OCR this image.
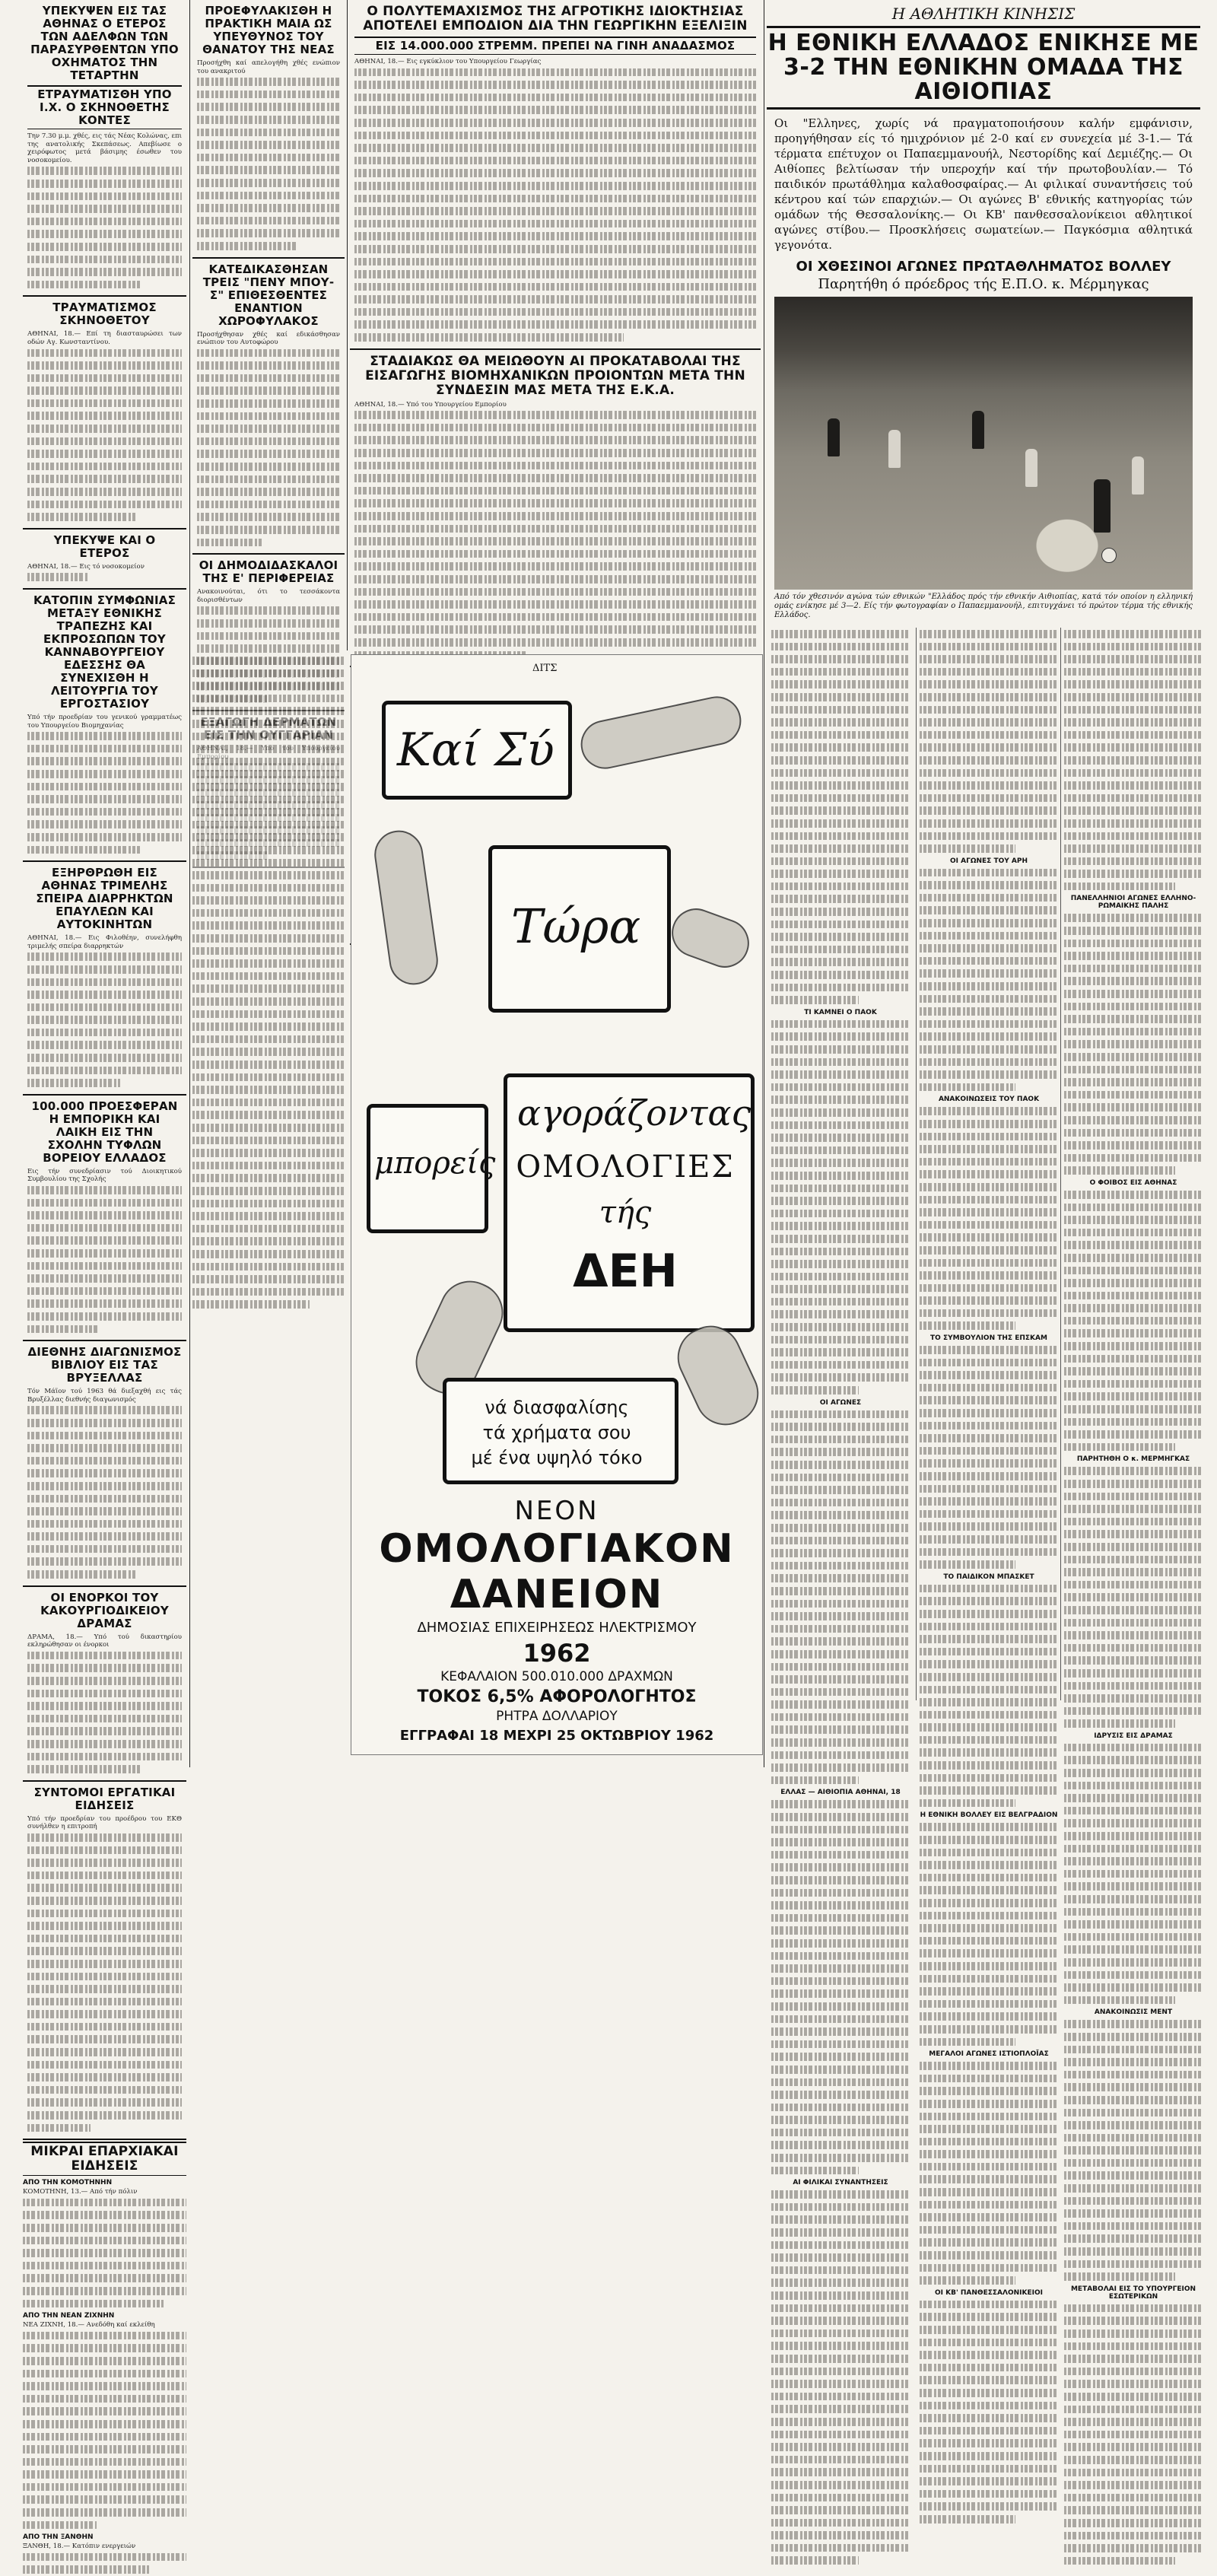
ΥΠΕΚΥΨΕΝ ΕΙΣ ΤΑΣ ΑΘΗΝΑΣ Ο ΕΤΕΡΟΣ ΤΩΝ ΑΔΕΛΦΩΝ ΤΩΝ ΠΑΡΑΣΥΡΘΕΝΤΩΝ ΥΠΟ ΟΧΗΜΑΤΟΣ ΤΗΝ ΤΕΤΑΡΤΗΝ
ΕΤΡΑΥΜΑΤΙΣΘΗ ΥΠΟ Ι.Χ. Ο ΣΚΗΝΟΘΕΤΗΣ ΚΟΝΤΕΣ
Την 7.30 μ.μ. χθές, εις τάς Νέας Κολώνας, επι της ανατολικής Σκεπάσεως. Απεβίωσε ο χειρόφωτος μετά βάσιμης έσωθεν του νοσοκομείου.
ΤΡΑΥΜΑΤΙΣΜΟΣ ΣΚΗΝΟΘΕΤΟΥ
ΑΘΗΝΑΙ, 18.— Επί τη διασταυρώσει των οδών Αγ. Κωνσταντίνου.
ΥΠΕΚΥΨΕ ΚΑΙ Ο ΕΤΕΡΟΣ
ΑΘΗΝΑΙ, 18.— Εις τό νοσοκομείον
ΚΑΤΟΠΙΝ ΣΥΜΦΩΝΙΑΣ ΜΕΤΑΞΥ ΕΘΝΙΚΗΣ ΤΡΑΠΕΖΗΣ ΚΑΙ ΕΚΠΡΟΣΩΠΩΝ ΤΟΥ ΚΑΝΝΑΒΟΥΡΓΕΙΟΥ ΕΔΕΣΣΗΣ ΘΑ ΣΥΝΕΧΙΣΘΗ Η ΛΕΙΤΟΥΡΓΙΑ ΤΟΥ ΕΡΓΟΣΤΑΣΙΟΥ
Υπό τήν προεδρίαν του γενικού γραμματέως του Υπουργείου Βιομηχανίας
ΕΞΗΡΘΡΩΘΗ ΕΙΣ ΑΘΗΝΑΣ ΤΡΙΜΕΛΗΣ ΣΠΕΙΡΑ ΔΙΑΡΡΗΚΤΩΝ ΕΠΑΥΛΕΩΝ ΚΑΙ ΑΥΤΟΚΙΝΗΤΩΝ
ΑΘΗΝΑΙ, 18.— Εις Φιλοθέην, συνελήφθη τριμελής σπείρα διαρρηκτών
100.000 ΠΡΟΕΣΦΕΡΑΝ Η ΕΜΠΟΡΙΚΗ ΚΑΙ ΛΑΙΚΗ ΕΙΣ ΤΗΝ ΣΧΟΛΗΝ ΤΥΦΛΩΝ ΒΟΡΕΙΟΥ ΕΛΛΑΔΟΣ
Εις τήν συνεδρίασιν τού Διοικητικού Συμβουλίου της Σχολής
ΔΙΕΘΝΗΣ ΔΙΑΓΩΝΙΣΜΟΣ ΒΙΒΛΙΟΥ ΕΙΣ ΤΑΣ ΒΡΥΞΕΛΛΑΣ
Τόν Μάϊον τού 1963 θά διεξαχθή εις τάς Βρυξέλλας διεθνής διαγωνισμός
ΟΙ ΕΝΟΡΚΟΙ ΤΟΥ ΚΑΚΟΥΡΓΙΟΔΙΚΕΙΟΥ ΔΡΑΜΑΣ
ΔΡΑΜΑ, 18.— Υπό τού δικαστηρίου εκληρώθησαν οι ένορκοι
ΣΥΝΤΟΜΟΙ ΕΡΓΑΤΙΚΑΙ ΕΙΔΗΣΕΙΣ
Υπό τήν προεδρίαν του προέδρου του ΕΚΘ συνήλθεν η επιτροπή
ΜΙΚΡΑΙ ΕΠΑΡΧΙΑΚΑΙ ΕΙΔΗΣΕΙΣ
ΑΠΟ ΤΗΝ ΚΟΜΟΤΗΝΗΝ
ΚΟΜΟΤΗΝΗ, 13.— Από τήν πόλιν
ΑΠΟ ΤΗΝ ΝΕΑΝ ΖΙΧΝΗΝ
ΝΕΑ ΖΙΧΝΗ, 18.— Ανεδόθη καί εκλείθη
ΑΠΟ ΤΗΝ ΞΑΝΘΗΝ
ΞΑΝΘΗ, 18.— Κατόπιν ενεργειών
ΠΡΟΕΦΥΛΑΚΙΣΘΗ Η ΠΡΑΚΤΙΚΗ ΜΑΙΑ ΩΣ ΥΠΕΥΘΥΝΟΣ ΤΟΥ ΘΑΝΑΤΟΥ ΤΗΣ ΝΕΑΣ
Προσήχθη καί απελογήθη χθές ενώπιον του ανακριτού
ΚΑΤΕΔΙΚΑΣΘΗΣΑΝ ΤΡΕΙΣ "ΠΕΝΥ ΜΠΟΥ-Σ" ΕΠΙΘΕΣΘΕΝΤΕΣ ΕΝΑΝΤΙΟΝ ΧΩΡΟΦΥΛΑΚΟΣ
Προσήχθησαν χθές καί εδικάσθησαν ενώπιον του Αυτοφώρου
ΟΙ ΔΗΜΟΔΙΔΑΣΚΑΛΟΙ ΤΗΣ Ε' ΠΕΡΙΦΕΡΕΙΑΣ
Ανακοινούται, ότι το τεσσάκοντα διορισθέντων
Ο ΠΟΛΥΤΕΜΑΧΙΣΜΟΣ ΤΗΣ ΑΓΡΟΤΙΚΗΣ ΙΔΙΟΚΤΗΣΙΑΣ ΑΠΟΤΕΛΕΙ ΕΜΠΟΔΙΟΝ ΔΙΑ ΤΗΝ ΓΕΩΡΓΙΚΗΝ ΕΞΕΛΙΞΙΝ
ΕΙΣ 14.000.000 ΣΤΡΕΜΜ. ΠΡΕΠΕΙ ΝΑ ΓΙΝΗ ΑΝΑΔΑΣΜΟΣ
ΑΘΗΝΑΙ, 18.— Εις εγκύκλιον του Υπουργείου Γεωργίας
ΣΤΑΔΙΑΚΩΣ ΘΑ ΜΕΙΩΘΟΥΝ ΑΙ ΠΡΟΚΑΤΑΒΟΛΑΙ ΤΗΣ ΕΙΣΑΓΩΓΗΣ ΒΙΟΜΗΧΑΝΙΚΩΝ ΠΡΟΙΟΝΤΩΝ ΜΕΤΑ ΤΗΝ ΣΥΝΔΕΣΙΝ ΜΑΣ ΜΕΤΑ ΤΗΣ Ε.Κ.Α.
ΑΘΗΝΑΙ, 18.— Υπό του Υπουργείου Εμπορίου
ΔΙΤΣ
Καί Σύ
Τώρα
μπορείς
αγοράζοντας
ΟΜΟΛΟΓΙΕΣ
τής
ΔΕΗ
νά διασφαλίσης
τά χρήματα σου
μέ ένα υψηλό τόκο
ΝΕΟΝ
ΟΜΟΛΟΓΙΑΚΟΝ
ΔΑΝΕΙΟΝ
ΔΗΜΟΣΙΑΣ ΕΠΙΧΕΙΡΗΣΕΩΣ ΗΛΕΚΤΡΙΣΜΟΥ
1962
ΚΕΦΑΛΑΙΟΝ 500.010.000 ΔΡΑΧΜΩΝ
ΤΟΚΟΣ 6,5% ΑΦΟΡΟΛΟΓΗΤΟΣ
ΡΗΤΡΑ ΔΟΛΛΑΡΙΟΥ
ΕΓΓΡΑΦΑΙ 18 ΜΕΧΡΙ 25 ΟΚΤΩΒΡΙΟΥ 1962
Η ΑΘΛΗΤΙΚΗ ΚΙΝΗΣΙΣ
Η ΕΘΝΙΚΗ ΕΛΛΑΔΟΣ ΕΝΙΚΗΣΕ ΜΕ 3-2 ΤΗΝ ΕΘΝΙΚΗΝ ΟΜΑΔΑ ΤΗΣ ΑΙΘΙΟΠΙΑΣ
Οι "Ελληνες, χωρίς νά πραγματοποιήσουν καλήν εμφάνισιν, προηγήθησαν είς τό ημιχρόνιον μέ 2-0 καί εν συνεχεία μέ 3-1.— Τά τέρματα επέτυχον οι Παπαεμμανουήλ, Νεστορίδης καί Δεμιέζης.— Οι Αιθίοπες βελτίωσαν τήν υπεροχήν καί τήν πρωτοβουλίαν.— Τό παιδικόν πρωτάθλημα καλαθοσφαίρας.— Αι φιλικαί συναντήσεις τού κέντρου καί τών επαρχιών.— Οι αγώνες Β' εθνικής κατηγορίας τών ομάδων τής Θεσσαλονίκης.— Οι ΚΒ' πανθεσσαλονίκειοι αθλητικοί αγώνες στίβου.— Προσκλήσεις σωματείων.— Παγκόσμια αθλητικά γεγονότα.
ΟΙ ΧΘΕΣΙΝΟΙ ΑΓΩΝΕΣ ΠΡΩΤΑΘΛΗΜΑΤΟΣ ΒΟΛΛΕΥ
Παρητήθη ό πρόεδρος τής Ε.Π.Ο. κ. Μέρμηγκας
Από τόν χθεσινόν αγώνα τών εθνικών "Ελλάδος πρός τήν εθνικήν Αιθιοπίας, κατά τόν οποίον η ελληνική ομάς ενίκησε μέ 3—2. Είς τήν φωτογραφίαν ο Παπαεμμανουήλ, επιτυγχάνει τό πρώτον τέρμα τής εθνικής Ελλάδος.
ΤΙ ΚΑΜΝΕΙ Ο ΠΑΟΚ
ΟΙ ΑΓΩΝΕΣ
ΕΛΛΑΣ — ΑΙΘΙΟΠΙΑ ΑΘΗΝΑΙ, 18
ΑΙ ΦΙΛΙΚΑΙ ΣΥΝΑΝΤΗΣΕΙΣ
ΟΙ ΑΓΩΝΕΣ ΤΟΥ ΑΡΗ
ΑΝΑΚΟΙΝΩΣΕΙΣ ΤΟΥ ΠΑΟΚ
ΤΟ ΣΥΜΒΟΥΛΙΟΝ ΤΗΣ ΕΠΣΚΑΜ
ΤΟ ΠΑΙΔΙΚΟΝ ΜΠΑΣΚΕΤ
Η ΕΘΝΙΚΗ ΒΟΛΛΕΥ ΕΙΣ ΒΕΛΓΡΑΔΙΟΝ
ΜΕΓΑΛΟΙ ΑΓΩΝΕΣ ΙΣΤΙΟΠΛΟΪΑΣ
ΟΙ ΚΒ' ΠΑΝΘΕΣΣΑΛΟΝΙΚΕΙΟΙ
ΠΑΝΕΛΛΗΝΙΟΙ ΑΓΩΝΕΣ ΕΛΛΗΝΟ-ΡΩΜΑΙΚΗΣ ΠΑΛΗΣ
Ο ΦΟΙΒΟΣ ΕΙΣ ΑΘΗΝΑΣ
ΠΑΡΗΤΗΘΗ Ο κ. ΜΕΡΜΗΓΚΑΣ
ΙΔΡΥΣΙΣ ΕΙΣ ΔΡΑΜΑΣ
ΑΝΑΚΟΙΝΩΣΙΣ ΜΕΝΤ
ΜΕΤΑΒΟΛΑΙ ΕΙΣ ΤΟ ΥΠΟΥΡΓΕΙΟΝ ΕΣΩΤΕΡΙΚΩΝ
